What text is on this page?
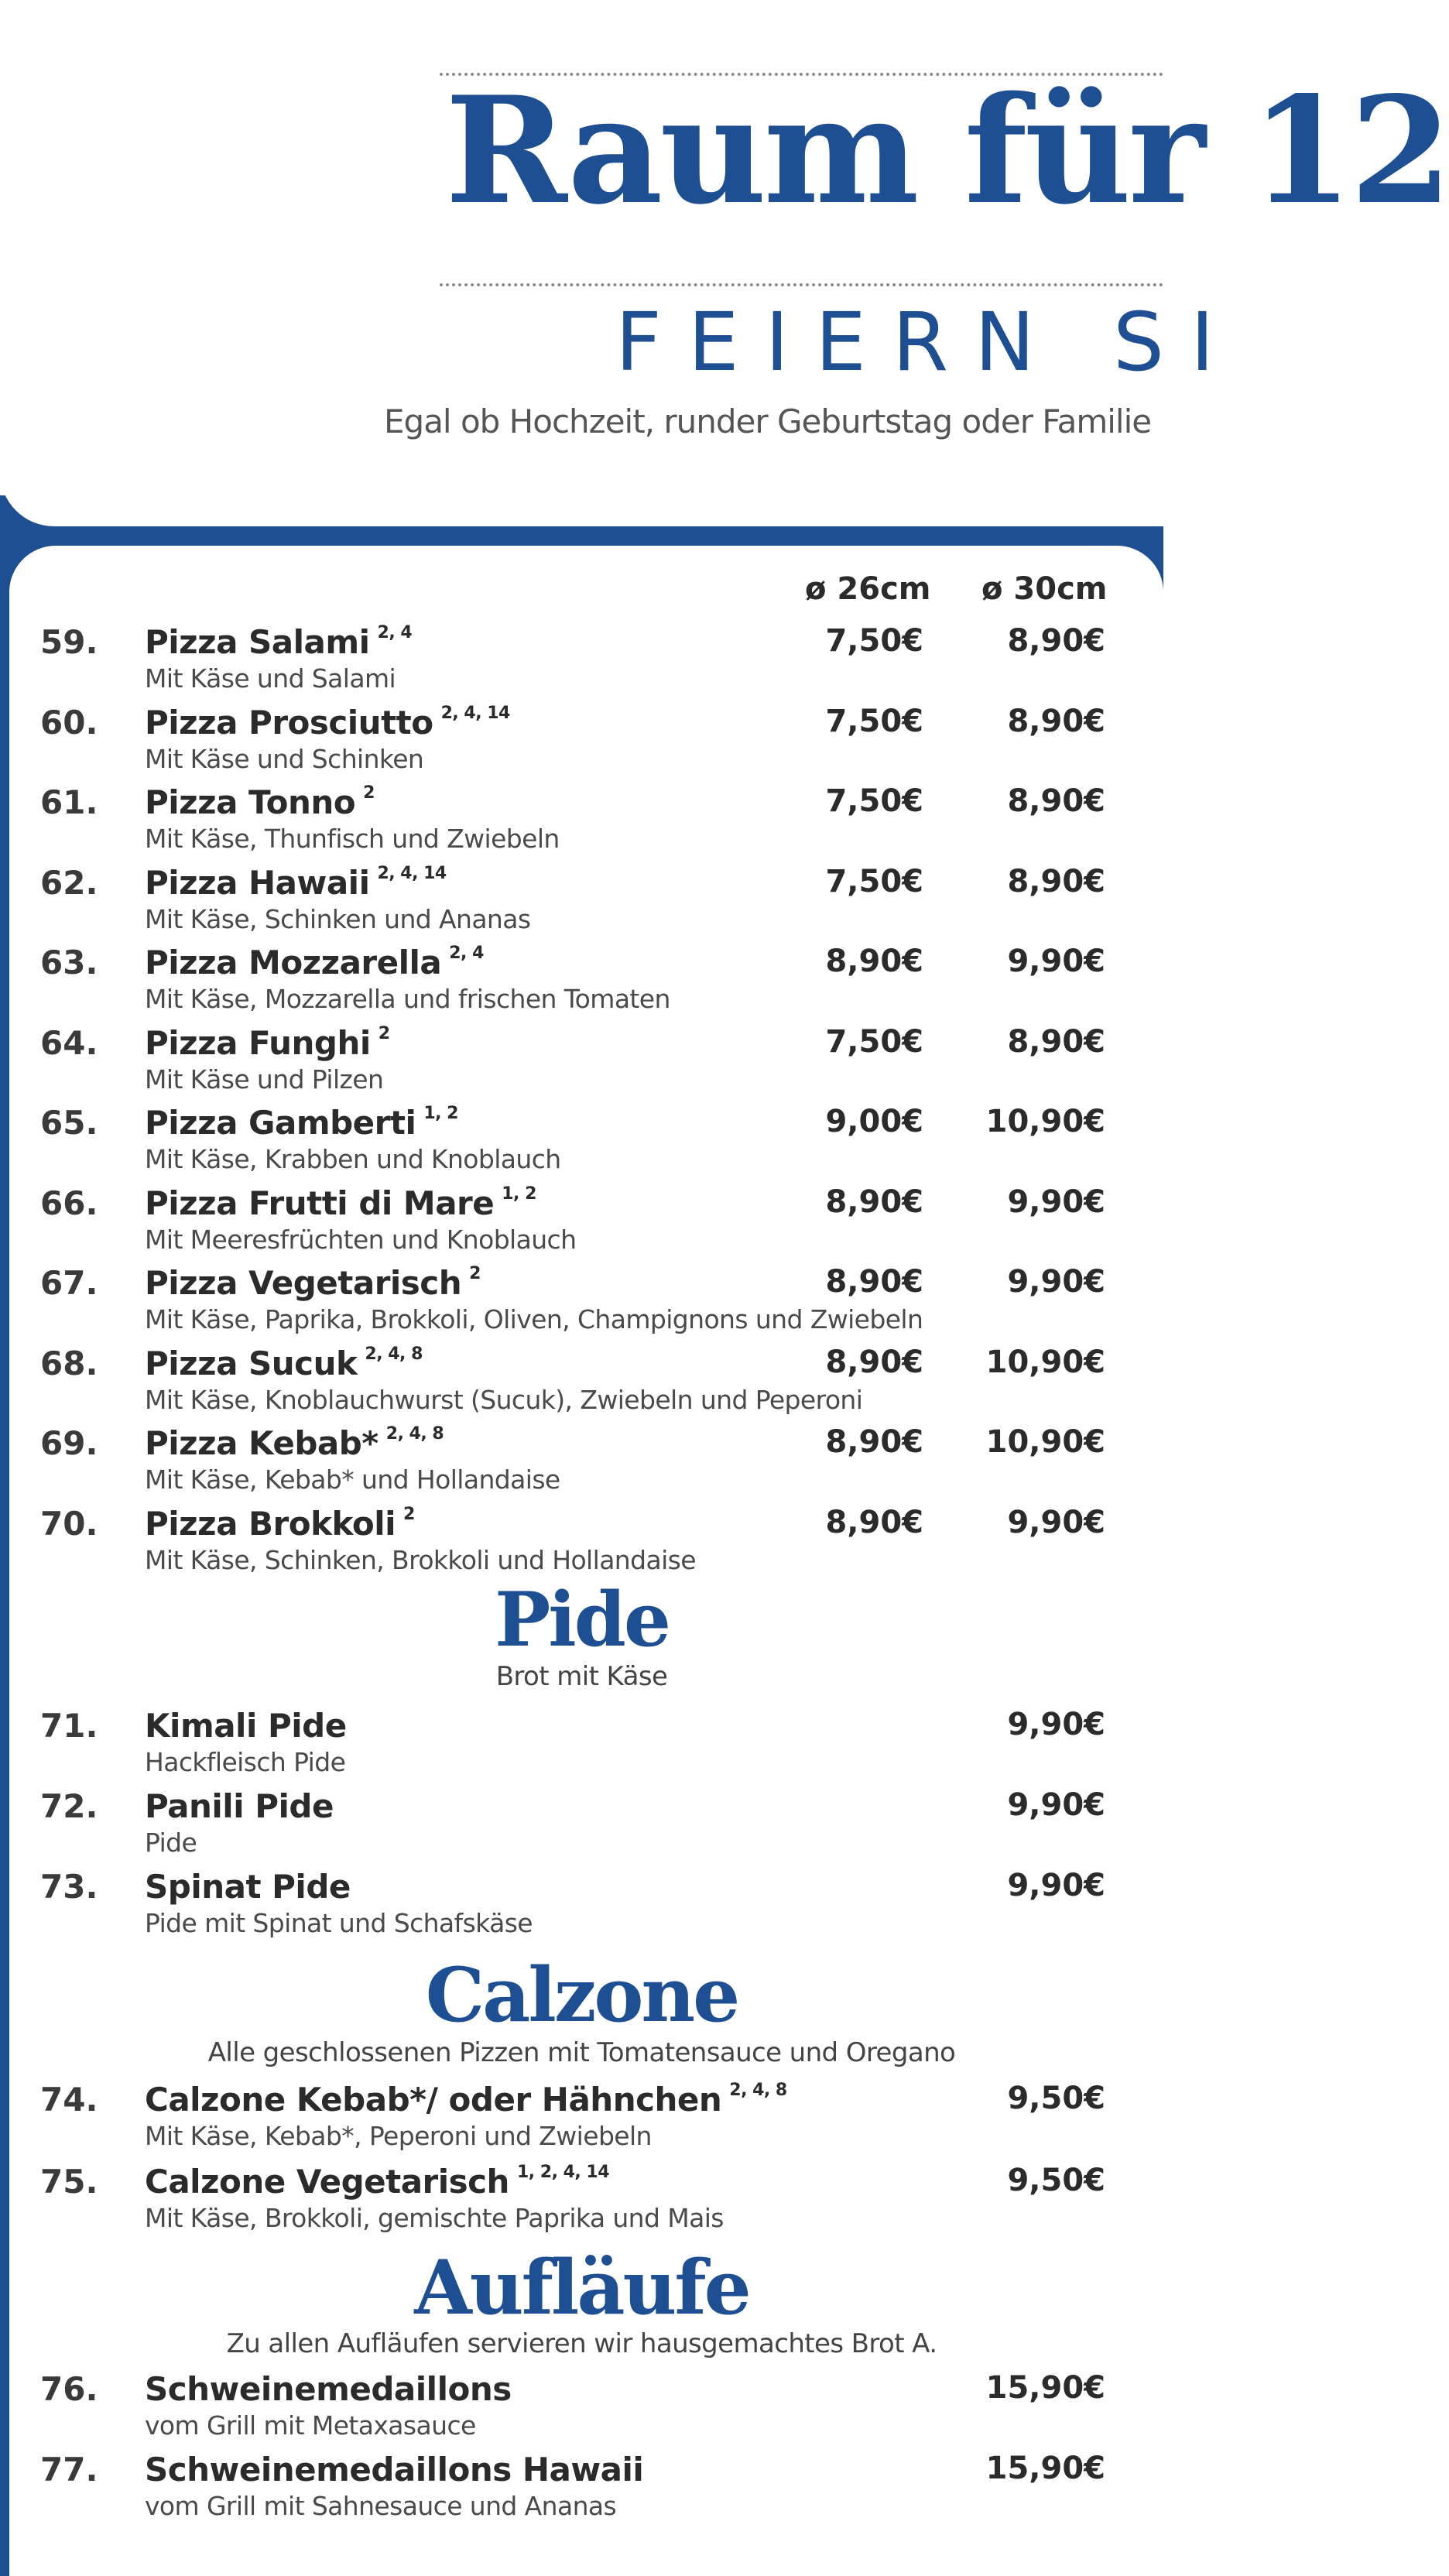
Raum für 12
FEIERN SI
Egal ob Hochzeit, runder Geburtstag oder Familie
ø 26cm ø 30cm
59. Pizza Salami $^{2, 4}$
Mit Käse und Salami
7,50€	8,90€
60. Pizza Prosciutto $^{2, 4, 14}$
Mit Käse und Schinken
7,50€	8,90€
61. Pizza Tonno $^2$
Mit Käse, Thunfisch und Zwiebeln
7,50€	8,90€
62. Pizza Hawaii $^{2, 4, 14}$
Mit Käse, Schinken und Ananas
7,50€	8,90€
63. Pizza Mozzarella $^{2, 4}$
Mit Käse, Mozzarella und frischen Tomaten
8,90€	9,90€
64. Pizza Funghi $^2$
Mit Käse und Pilzen
7,50€	8,90€
65. Pizza Gamberti $^{1, 2}$
Mit Käse, Krabben und Knoblauch
9,00€ 10,90€
66. Pizza Frutti di Mare $^{1, 2}$
Mit Meeresfrüchten und Knoblauch
8,90€	9,90€
67. Pizza Vegetarisch $^2$
Mit Käse, Paprika, Brokkoli, Oliven, Champignons und Zwiebeln
8,90€	9,90€
68. Pizza Sucuk $^{2, 4, 8}$
Mit Käse, Knoblauchwurst (Sucuk), Zwiebeln und Peperoni
8,90€ 10,90€
69. Pizza Kebab* $^{2, 4, 8}$
Mit Käse, Kebab* und Hollandaise
8,90€ 10,90€
70. Pizza Brokkoli $^2$
Mit Käse, Schinken, Brokkoli und Hollandaise
8,90€	9,90€
Pide
Brot mit Käse
71. Kimali Pide
Hackfleisch Pide
9,90€
72. Panili Pide
Pide
9,90€
73. Spinat Pide
Pide mit Spinat und Schafskäse
9,90€
Calzone
Alle geschlossenen Pizzen mit Tomatensauce und Oregano
74. Calzone Kebab*/ oder Hähnchen $^{2, 4, 8}$
Mit Käse, Kebab*, Peperoni und Zwiebeln
9,50€
75. Calzone Vegetarisch $^{1, 2, 4, 14}$
Mit Käse, Brokkoli, gemischte Paprika und Mais
9,50€
Aufläufe
Zu allen Aufläufen servieren wir hausgemachtes Brot A.
76. Schweinemedaillons
vom Grill mit Metaxasauce
15,90€
77. Schweinemedaillons Hawaii
vom Grill mit Sahnesauce und Ananas
15,90€
